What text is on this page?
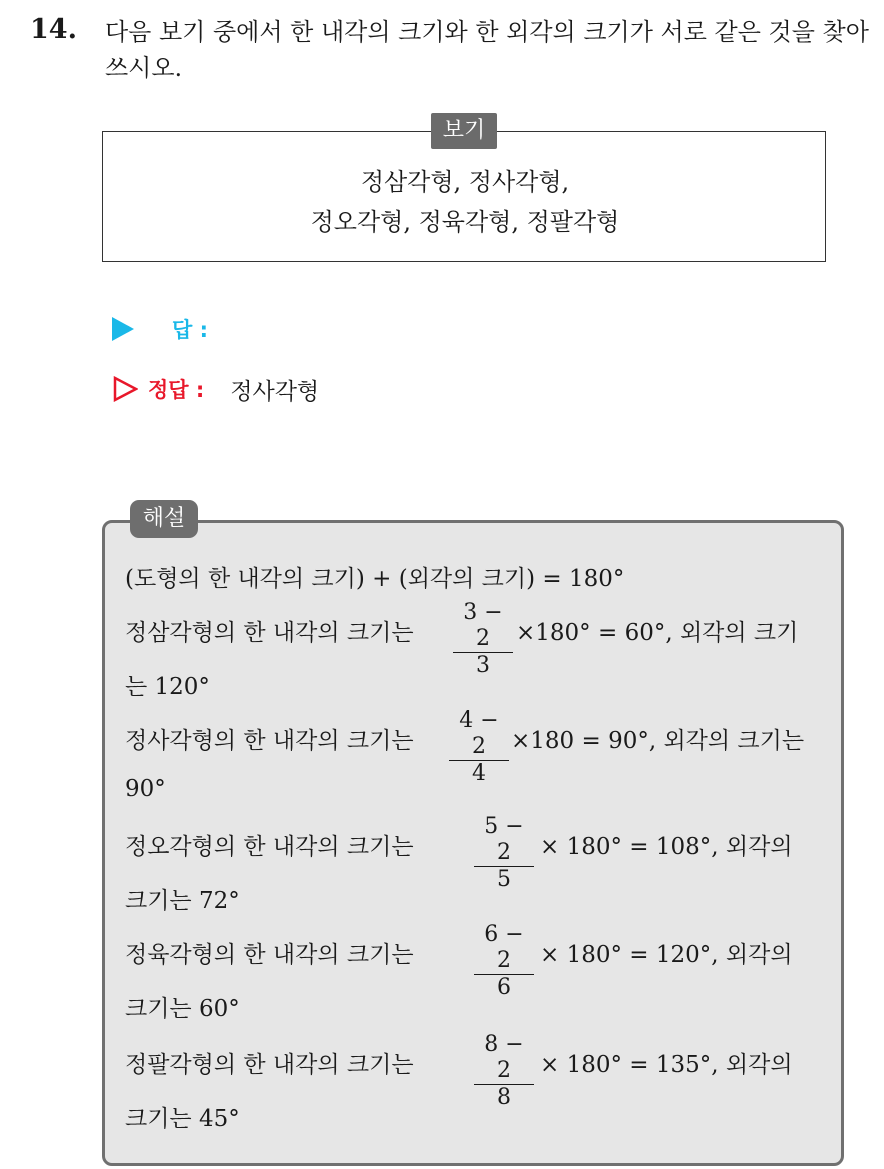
14. 다음 보기 중에서 한 내각의 크기와 한 외각의 크기가 서로 같은 것을 찾아 쓰시오.
정삼각형, 정사각형,
정오각형, 정육각형, 정팔각형
보기
답 :
정답 : 정사각형
해설
(도형의 한 내각의 크기) + (외각의 크기) = 180°
정삼각형의 한 내각의 크기는 $\frac{3 - 2}{3} \times 180^\circ = 60^\circ$, 외각의 크기
는 120°
정사각형의 한 내각의 크기는 $\frac{4 - 2}{4} \times 180 = 90^\circ$, 외각의 크기는
90°
정오각형의 한 내각의 크기는	$\frac{5 - 2}{5} \times 180^\circ = 108^\circ$, 외각의
크기는 72°
정육각형의 한 내각의 크기는	$\frac{6 - 2}{6} \times 180^\circ = 120^\circ$, 외각의
크기는 60°
정팔각형의 한 내각의 크기는	$\frac{8 - 2}{8} \times 180^\circ = 135^\circ$, 외각의
크기는 45°
